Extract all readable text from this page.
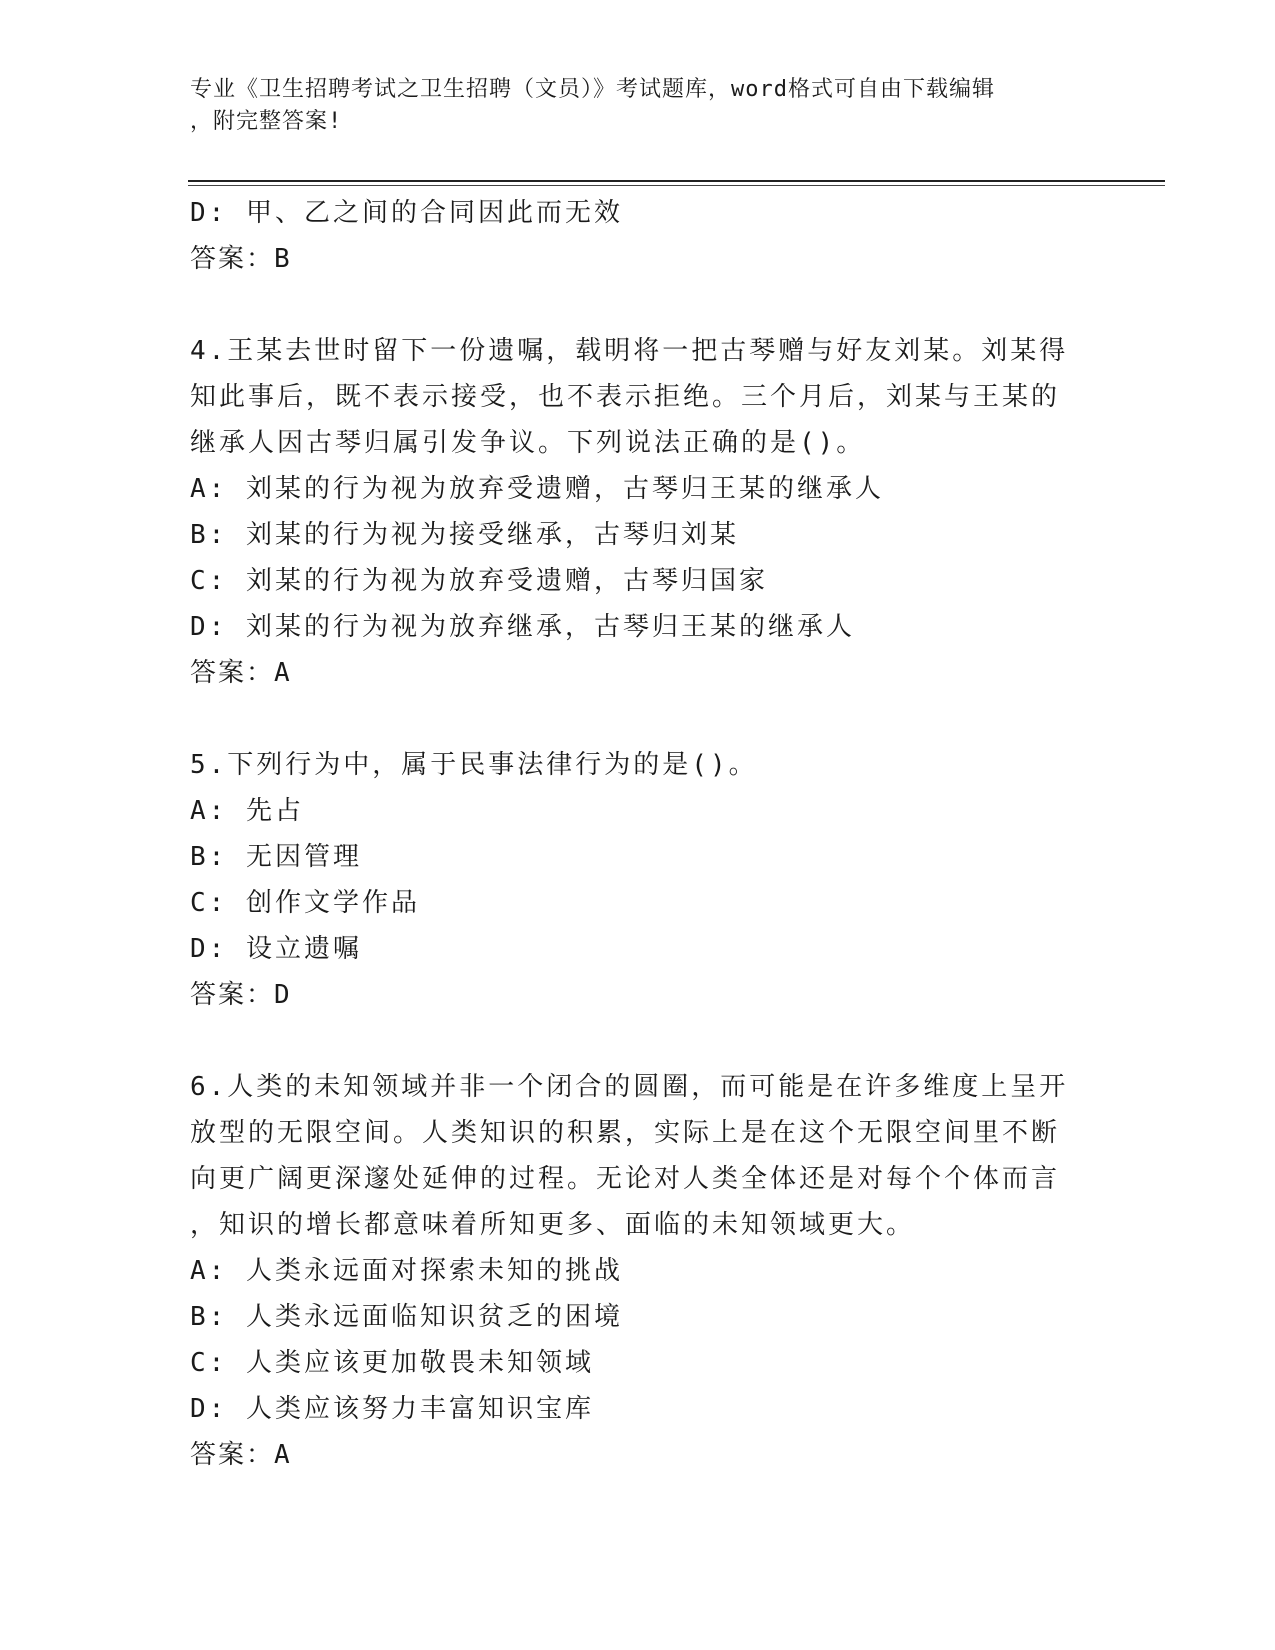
专业《卫生招聘考试之卫生招聘（文员）》考试题库，word格式可自由下载编辑
，附完整答案!
D: 甲、乙之间的合同因此而无效
答案：B
4.王某去世时留下一份遗嘱，载明将一把古琴赠与好友刘某。刘某得
知此事后，既不表示接受，也不表示拒绝。三个月后，刘某与王某的
继承人因古琴归属引发争议。下列说法正确的是()。
A: 刘某的行为视为放弃受遗赠，古琴归王某的继承人
B: 刘某的行为视为接受继承，古琴归刘某
C: 刘某的行为视为放弃受遗赠，古琴归国家
D: 刘某的行为视为放弃继承，古琴归王某的继承人
答案：A
5.下列行为中，属于民事法律行为的是()。
A: 先占
B: 无因管理
C: 创作文学作品
D: 设立遗嘱
答案：D
6.人类的未知领域并非一个闭合的圆圈，而可能是在许多维度上呈开
放型的无限空间。人类知识的积累，实际上是在这个无限空间里不断
向更广阔更深邃处延伸的过程。无论对人类全体还是对每个个体而言
，知识的增长都意味着所知更多、面临的未知领域更大。
A: 人类永远面对探索未知的挑战
B: 人类永远面临知识贫乏的困境
C: 人类应该更加敬畏未知领域
D: 人类应该努力丰富知识宝库
答案：A
